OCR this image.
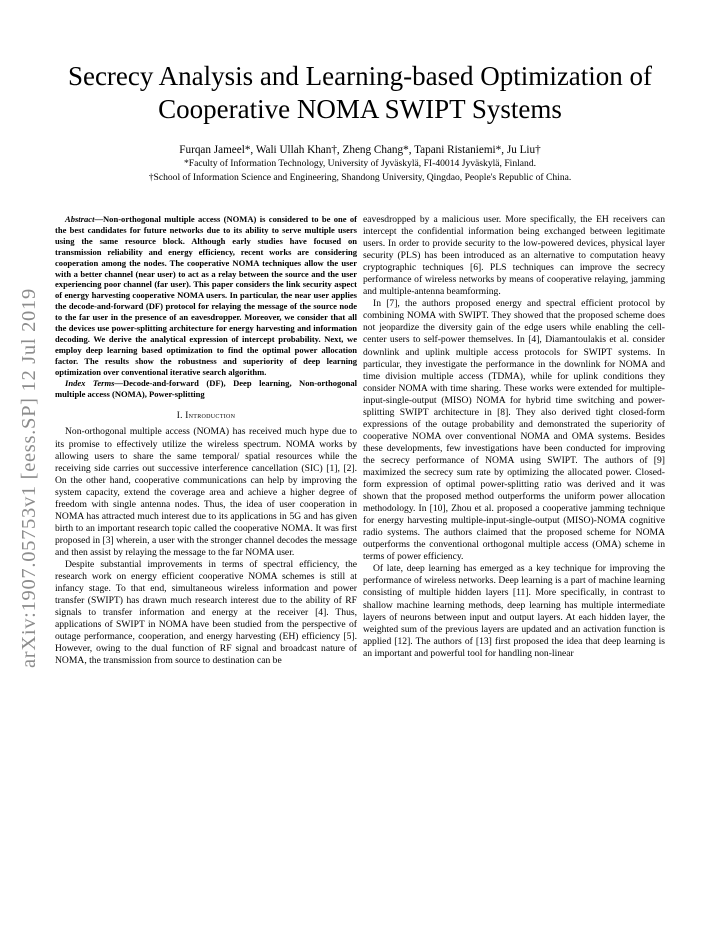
arXiv:1907.05753v1 [eess.SP] 12 Jul 2019
Secrecy Analysis and Learning-based Optimization of Cooperative NOMA SWIPT Systems
Furqan Jameel*, Wali Ullah Khan†, Zheng Chang*, Tapani Ristaniemi*, Ju Liu†
*Faculty of Information Technology, University of Jyväskylä, FI-40014 Jyväskylä, Finland.
†School of Information Science and Engineering, Shandong University, Qingdao, People's Republic of China.

Abstract—Non-orthogonal multiple access (NOMA) is considered to be one of the best candidates for future networks due to its ability to serve multiple users using the same resource block. Although early studies have focused on transmission reliability and energy efficiency, recent works are considering cooperation among the nodes. The cooperative NOMA techniques allow the user with a better channel (near user) to act as a relay between the source and the user experiencing poor channel (far user). This paper considers the link security aspect of energy harvesting cooperative NOMA users. In particular, the near user applies the decode-and-forward (DF) protocol for relaying the message of the source node to the far user in the presence of an eavesdropper. Moreover, we consider that all the devices use power-splitting architecture for energy harvesting and information decoding. We derive the analytical expression of intercept probability. Next, we employ deep learning based optimization to find the optimal power allocation factor. The results show the robustness and superiority of deep learning optimization over conventional iterative search algorithm.

Index Terms—Decode-and-forward (DF), Deep learning, Non-orthogonal multiple access (NOMA), Power-splitting

I. Introduction

Non-orthogonal multiple access (NOMA) has received much hype due to its promise to effectively utilize the wireless spectrum. NOMA works by allowing users to share the same temporal/ spatial resources while the receiving side carries out successive interference cancellation (SIC) [1], [2]. On the other hand, cooperative communications can help by improving the system capacity, extend the coverage area and achieve a higher degree of freedom with single antenna nodes. Thus, the idea of user cooperation in NOMA has attracted much interest due to its applications in 5G and has given birth to an important research topic called the cooperative NOMA. It was first proposed in [3] wherein, a user with the stronger channel decodes the message and then assist by relaying the message to the far NOMA user.

Despite substantial improvements in terms of spectral efficiency, the research work on energy efficient cooperative NOMA schemes is still at infancy stage. To that end, simultaneous wireless information and power transfer (SWIPT) has drawn much research interest due to the ability of RF signals to transfer information and energy at the receiver [4]. Thus, applications of SWIPT in NOMA have been studied from the perspective of outage performance, cooperation, and energy harvesting (EH) efficiency [5]. However, owing to the dual function of RF signal and broadcast nature of NOMA, the transmission from source to destination can be

eavesdropped by a malicious user. More specifically, the EH receivers can intercept the confidential information being exchanged between legitimate users. In order to provide security to the low-powered devices, physical layer security (PLS) has been introduced as an alternative to computation heavy cryptographic techniques [6]. PLS techniques can improve the secrecy performance of wireless networks by means of cooperative relaying, jamming and multiple-antenna beamforming.

In [7], the authors proposed energy and spectral efficient protocol by combining NOMA with SWIPT. They showed that the proposed scheme does not jeopardize the diversity gain of the edge users while enabling the cell-center users to self-power themselves. In [4], Diamantoulakis et al. consider downlink and uplink multiple access protocols for SWIPT systems. In particular, they investigate the performance in the downlink for NOMA and time division multiple access (TDMA), while for uplink conditions they consider NOMA with time sharing. These works were extended for multiple-input-single-output (MISO) NOMA for hybrid time switching and power-splitting SWIPT architecture in [8]. They also derived tight closed-form expressions of the outage probability and demonstrated the superiority of cooperative NOMA over conventional NOMA and OMA systems. Besides these developments, few investigations have been conducted for improving the secrecy performance of NOMA using SWIPT. The authors of [9] maximized the secrecy sum rate by optimizing the allocated power. Closed-form expression of optimal power-splitting ratio was derived and it was shown that the proposed method outperforms the uniform power allocation methodology. In [10], Zhou et al. proposed a cooperative jamming technique for energy harvesting multiple-input-single-output (MISO)-NOMA cognitive radio systems. The authors claimed that the proposed scheme for NOMA outperforms the conventional orthogonal multiple access (OMA) scheme in terms of power efficiency.

Of late, deep learning has emerged as a key technique for improving the performance of wireless networks. Deep learning is a part of machine learning consisting of multiple hidden layers [11]. More specifically, in contrast to shallow machine learning methods, deep learning has multiple intermediate layers of neurons between input and output layers. At each hidden layer, the weighted sum of the previous layers are updated and an activation function is applied [12]. The authors of [13] first proposed the idea that deep learning is an important and powerful tool for handling non-linear
